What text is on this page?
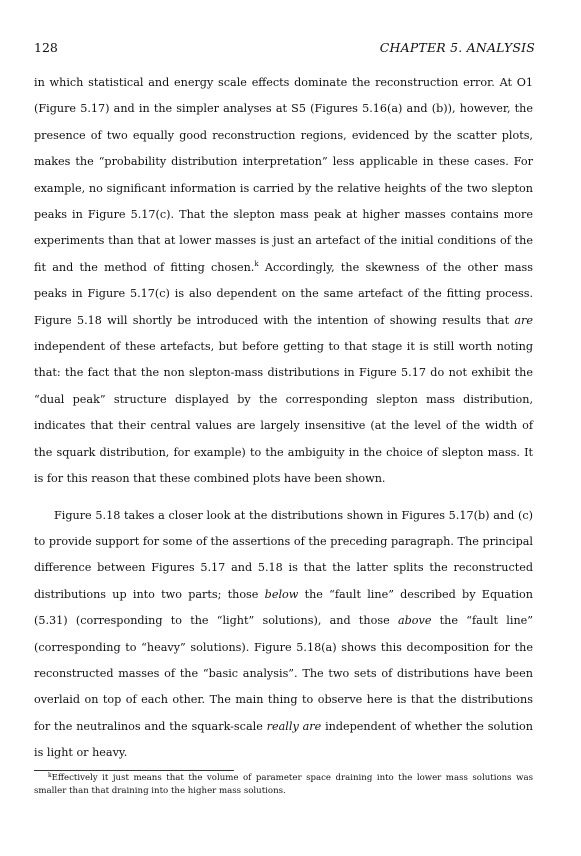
128	CHAPTER 5. ANALYSIS

in which statistical and energy scale effects dominate the reconstruction error. At O1 (Figure 5.17) and in the simpler analyses at S5 (Figures 5.16(a) and (b)), however, the presence of two equally good reconstruction regions, evidenced by the scatter plots, makes the “probability distribution interpretation” less applicable in these cases. For example, no significant information is carried by the relative heights of the two slepton peaks in Figure 5.17(c). That the slepton mass peak at higher masses contains more experiments than that at lower masses is just an artefact of the initial conditions of the fit and the method of fitting chosen.$^k$ Accordingly, the skewness of the other mass peaks in Figure 5.17(c) is also dependent on the same artefact of the fitting process. Figure 5.18 will shortly be introduced with the intention of showing results that are independent of these artefacts, but before getting to that stage it is still worth noting that: the fact that the non slepton-mass distributions in Figure 5.17 do not exhibit the “dual peak” structure displayed by the corresponding slepton mass distribution, indicates that their central values are largely insensitive (at the level of the width of the squark distribution, for example) to the ambiguity in the choice of slepton mass. It is for this reason that these combined plots have been shown.

Figure 5.18 takes a closer look at the distributions shown in Figures 5.17(b) and (c) to provide support for some of the assertions of the preceding paragraph. The principal difference between Figures 5.17 and 5.18 is that the latter splits the reconstructed distributions up into two parts; those below the “fault line” described by Equation (5.31) (corresponding to the “light” solutions), and those above the “fault line” (corresponding to “heavy” solutions). Figure 5.18(a) shows this decomposition for the reconstructed masses of the “basic analysis”. The two sets of distributions have been overlaid on top of each other. The main thing to observe here is that the distributions for the neutralinos and the squark-scale really are independent of whether the solution is light or heavy.

$^k$Effectively it just means that the volume of parameter space draining into the lower mass solutions was smaller than that draining into the higher mass solutions.
